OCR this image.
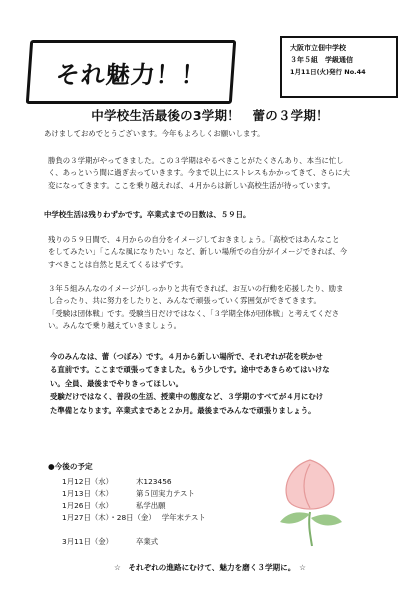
それ魅力！！
大阪市立佃中学校
３年５組　学級通信
1月11日(火)発行 No.44
中学校生活最後の3学期！　蕾の３学期！
あけましておめでとうございます。今年もよろしくお願いします。
勝負の３学期がやってきました。この３学期はやるべきことがたくさんあり、本当に忙し
く、あっという間に過ぎ去っていきます。今まで以上にストレスもかかってきて、さらに大
変になってきます。ここを乗り越えれば、４月からは新しい高校生活が待っています。
中学校生活は残りわずかです。卒業式までの日数は、５９日。
残りの５９日間で、４月からの自分をイメージしておきましょう。「高校ではあんなこと
をしてみたい」「こんな風になりたい」など、新しい場所での自分がイメージできれば、今
すべきことは自然と見えてくるはずです。
３年５組みんなのイメージがしっかりと共有できれば、お互いの行動を応援したり、励ま
し合ったり、共に努力をしたりと、みんなで頑張っていく雰囲気ができてきます。
「受験は団体戦」です。受験当日だけではなく、「３学期全体が団体戦」と考えてくださ
い。みんなで乗り越えていきましょう。
今のみんなは、蕾（つぼみ）です。４月から新しい場所で、それぞれが花を咲かせ
る直前です。ここまで頑張ってきました。もう少しです。途中であきらめてはいけな
い。全員、最後までやりきってほしい。
受験だけではなく、普段の生活、授業中の態度など、３学期のすべてが４月にむけ
た準備となります。卒業式まであと２か月。最後までみんなで頑張りましょう。
●今後の予定
1月12日（水）	木123456
1月13日（木）	第５回実力テスト
1月26日（水）	私学出願
1月27日（木）・28日（金） 学年末テスト
3月11日（金）	卒業式
☆　それぞれの進路にむけて、魅力を磨く３学期に。　☆
